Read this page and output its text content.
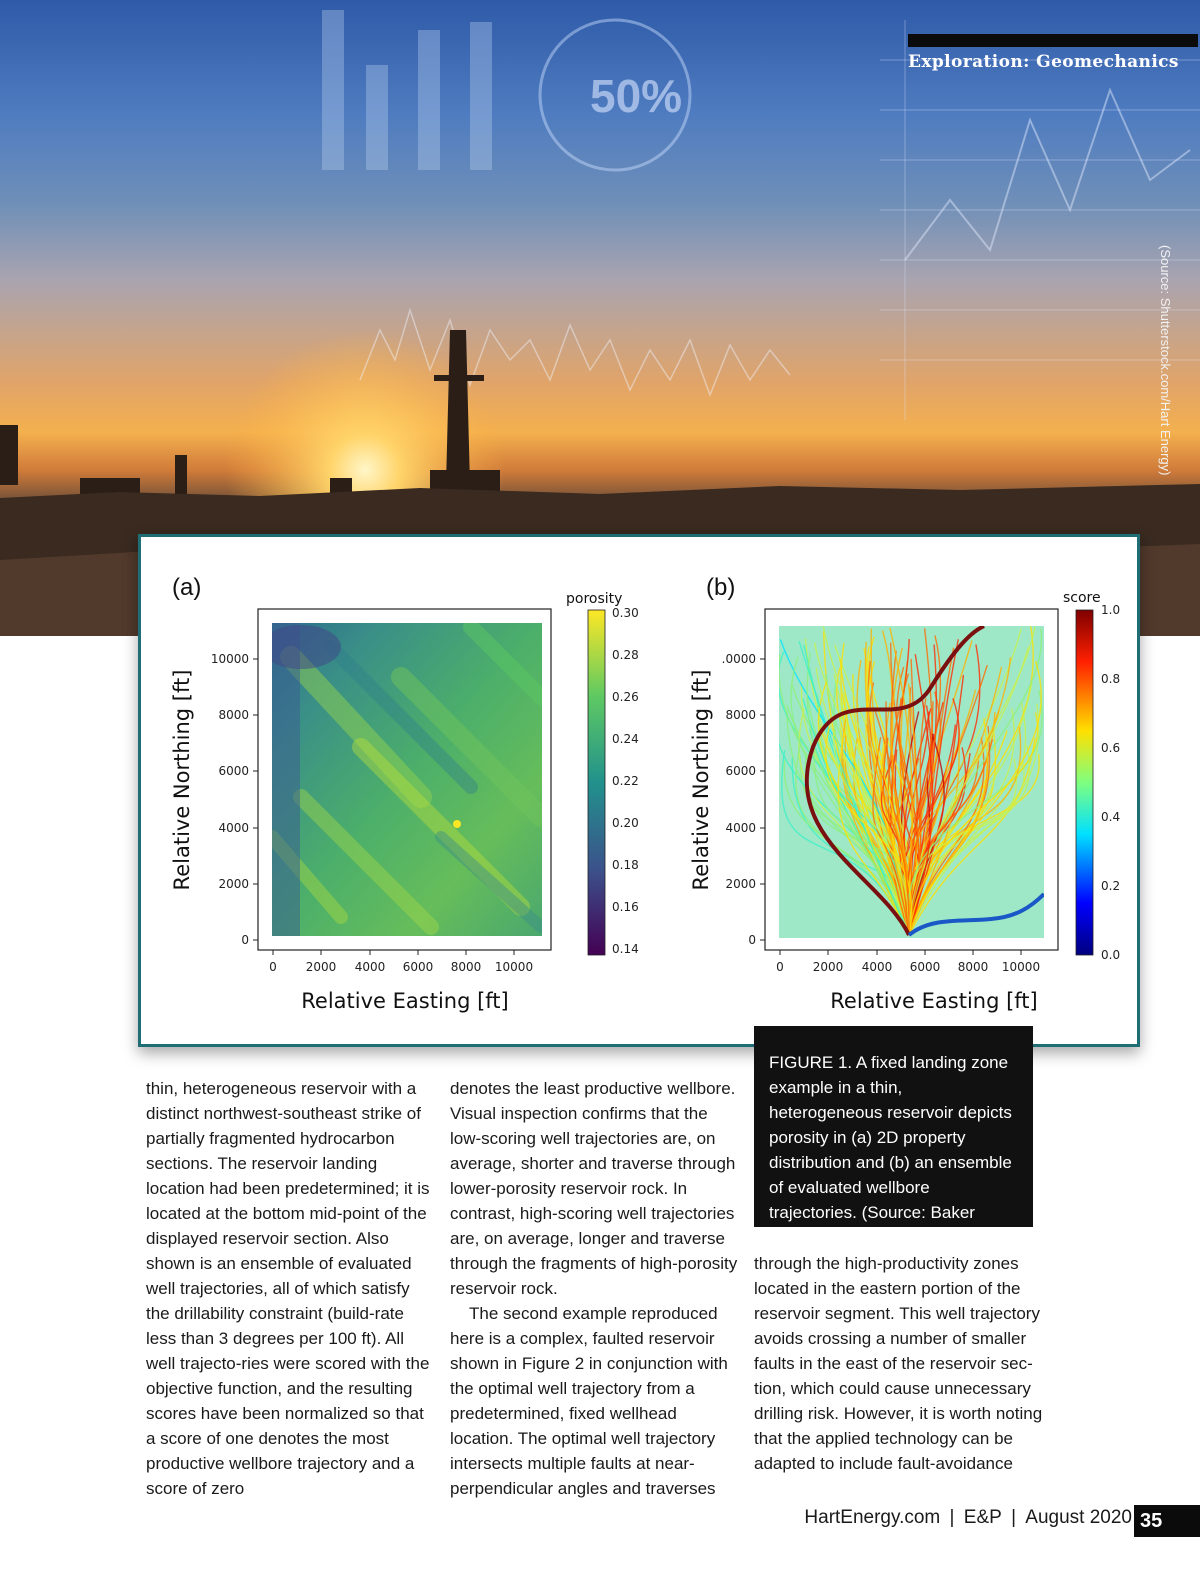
50%
Exploration: Geomechanics
(Source: Shutterstock.com/Hart Energy)
(a)
10000
8000
6000
4000
2000
0
0 2000 4000 6000 8000 10000
Relative Easting [ft]
Relative Northing [ft]
porosity
0.30
0.28
0.26
0.24
0.22
0.20
0.18
0.16
0.14
(b)
.0000
8000
6000
4000
2000
0
0 2000 4000 6000 8000 10000
Relative Easting [ft]
Relative Northing [ft]
score
1.0
0.8
0.6
0.4
0.2
0.0
FIGURE 1. A fixed landing zone example in a thin, heterogeneous reservoir depicts porosity in (a) 2D property distribution and (b) an ensemble of evaluated wellbore trajectories. (Source: Baker Hughes)

thin, heterogeneous reservoir with a distinct northwest-southeast strike of partially fragmented hydrocarbon sections. The reservoir landing location had been predetermined; it is located at the bottom mid-point of the displayed reservoir section. Also shown is an ensemble of evaluated well trajectories, all of which satisfy the drillability constraint (build-rate less than 3 degrees per 100 ft). All well trajecto-ries were scored with the objective function, and the resulting scores have been normalized so that a score of one denotes the most productive wellbore trajectory and a score of zero

denotes the least productive wellbore. Visual inspection confirms that the low-scoring well trajectories are, on average, shorter and traverse through lower-porosity reservoir rock. In contrast, high-scoring well trajectories are, on average, longer and traverse through the fragments of high-porosity reservoir rock.

The second example reproduced here is a complex, faulted reservoir shown in Figure 2 in conjunction with the optimal well trajectory from a predetermined, fixed wellhead location. The optimal well trajectory intersects multiple faults at near-perpendicular angles and traverses

through the high-productivity zones located in the eastern portion of the reservoir segment. This well trajectory avoids crossing a number of smaller faults in the east of the reservoir sec-tion, which could cause unnecessary drilling risk. However, it is worth noting that the applied technology can be adapted to include fault-avoidance

HartEnergy.com | E&P | August 2020 35
